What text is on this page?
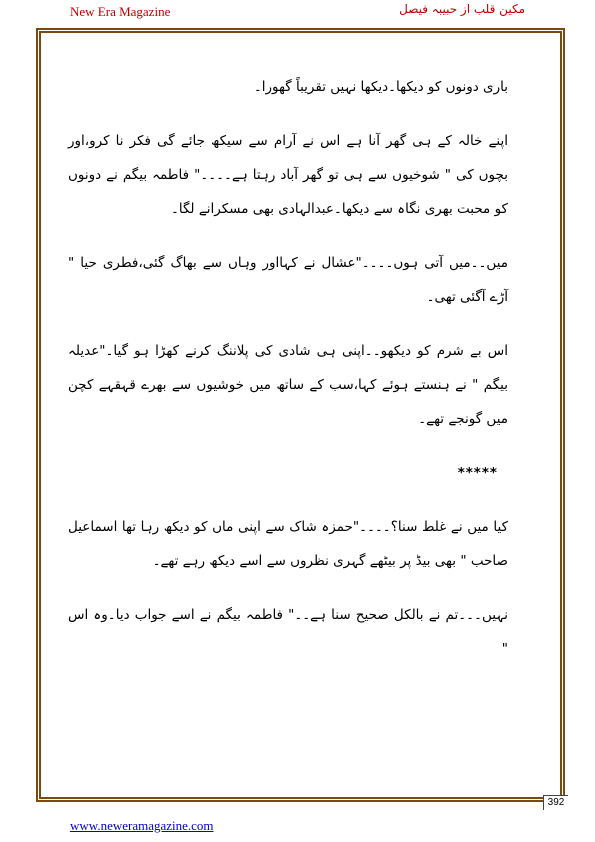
New Era Magazine	مکین قلب از حبیبہ فیصل

باری دونوں کو دیکھا۔دیکھا نہیں تقریباً گھورا۔

اپنے خالہ کے ہی گھر آنا ہے اس نے آرام سے سیکھ جائے گی فکر نا کرو،اور بچوں کی " شوخیوں سے ہی تو گھر آباد رہتا ہے۔۔۔۔" فاطمہ بیگم نے دونوں کو محبت بھری نگاہ سے دیکھا۔عبدالہادی بھی مسکرانے لگا۔

میں۔۔میں آتی ہوں۔۔۔۔"عشال نے کہااور وہاں سے بھاگ گئی،فطری حیا " آڑے آگئی تھی۔

اس بے شرم کو دیکھو۔۔اپنی ہی شادی کی پلاننگ کرنے کھڑا ہو گیا۔"عدیلہ بیگم " نے ہنستے ہوئے کہا،سب کے ساتھ میں خوشیوں سے بھرے قہقہے کچن میں گونجے تھے۔

*****

کیا میں نے غلط سنا؟۔۔۔۔"حمزہ شاک سے اپنی ماں کو دیکھ رہا تھا اسماعیل صاحب " بھی بیڈ پر بیٹھے گہری نظروں سے اسے دیکھ رہے تھے۔

نہیں۔۔۔تم نے بالکل صحیح سنا ہے۔۔" فاطمہ بیگم نے اسے جواب دیا۔وہ اس "

392
www.neweramagazine.com
